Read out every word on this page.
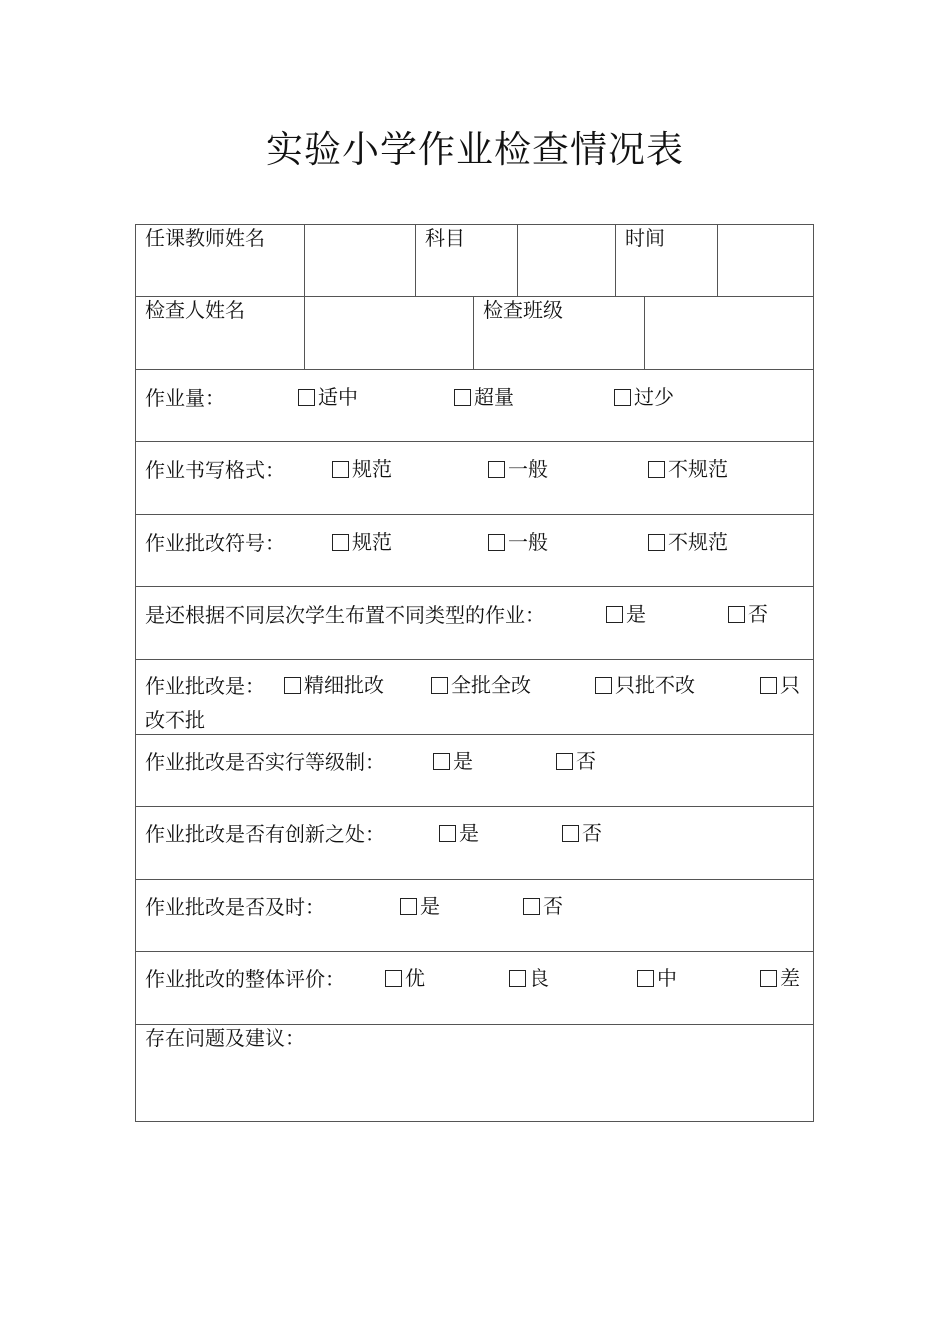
实验小学作业检查情况表
任课教师姓名	科目	时间
检查人姓名	检查班级
作业量：	适中	超量	过少
作业书写格式：	规范	一般	不规范
作业批改符号：	规范	一般	不规范
是还根据不同层次学生布置不同类型的作业：	是	否
作业批改是： 精细批改	全批全改	只批不改	只
改不批
作业批改是否实行等级制：	是	否
作业批改是否有创新之处：	是	否
作业批改是否及时：	是	否
作业批改的整体评价：	优	良	中	差
存在问题及建议：
